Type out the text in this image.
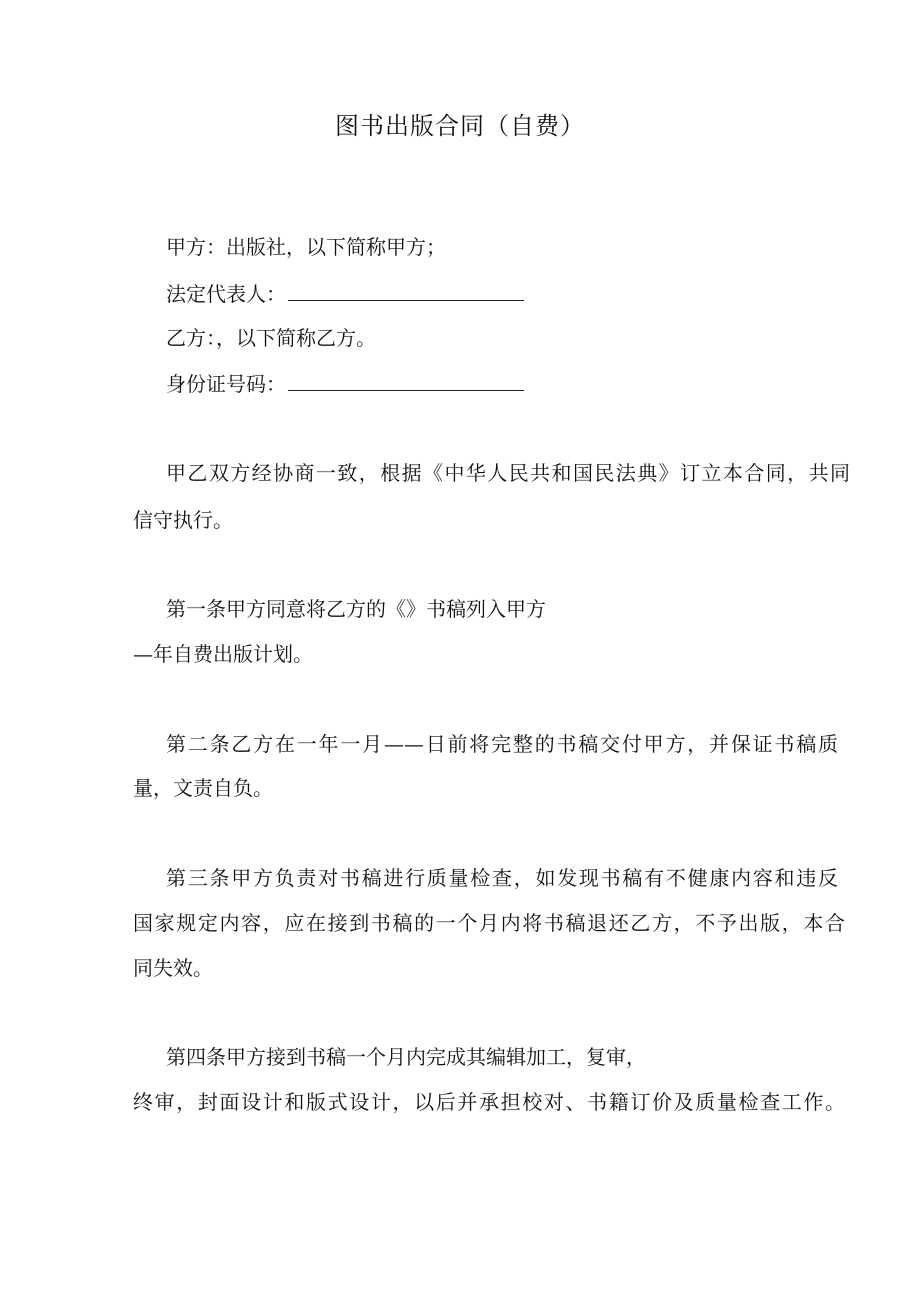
图书出版合同（自费）
甲方：出版社，以下简称甲方；
法定代表人：
乙方：，以下简称乙方。
身份证号码：
甲乙双方经协商一致，根据《中华人民共和国民法典》订立本合同，共同
信守执行。
第一条甲方同意将乙方的《》书稿列入甲方
—年自费出版计划。
第二条乙方在一年一月——日前将完整的书稿交付甲方，并保证书稿质
量，文责自负。
第三条甲方负责对书稿进行质量检查，如发现书稿有不健康内容和违反
国家规定内容，应在接到书稿的一个月内将书稿退还乙方，不予出版，本合
同失效。
第四条甲方接到书稿一个月内完成其编辑加工，复审，
终审，封面设计和版式设计，以后并承担校对、书籍订价及质量检查工作。
